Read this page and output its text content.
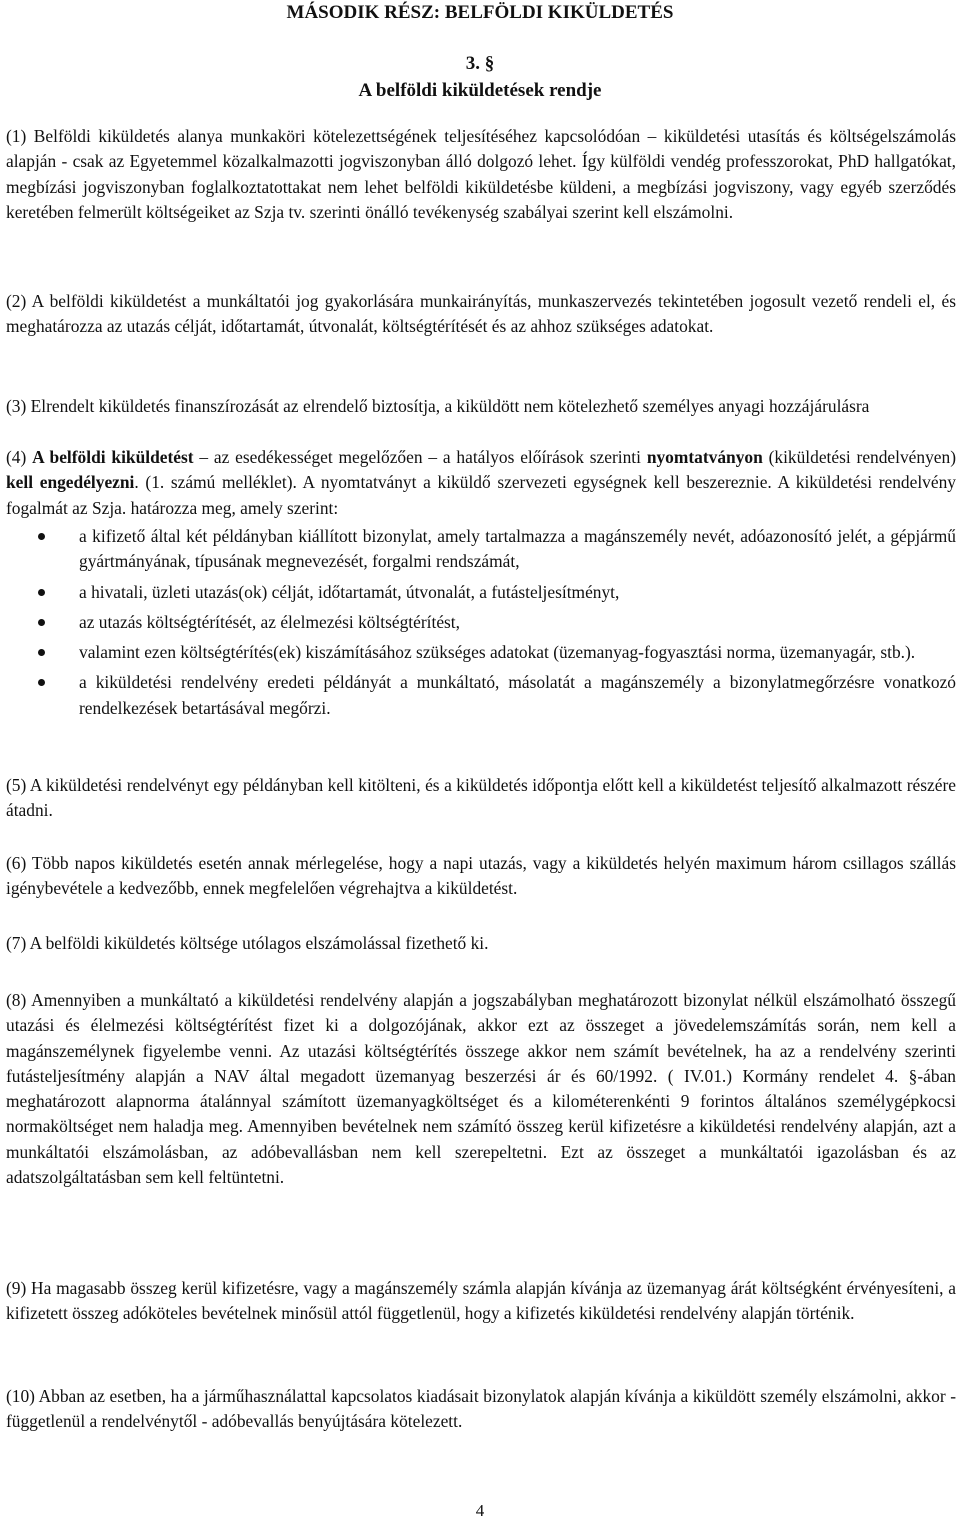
MÁSODIK RÉSZ: BELFÖLDI KIKÜLDETÉS
3. §
A belföldi kiküldetések rendje

(1) Belföldi kiküldetés alanya munkaköri kötelezettségének teljesítéséhez kapcsolódóan – kiküldetési utasítás és költségelszámolás alapján - csak az Egyetemmel közalkalmazotti jogviszonyban álló dolgozó lehet. Így külföldi vendég professzorokat, PhD hallgatókat, megbízási jogviszonyban foglalkoztatottakat nem lehet belföldi kiküldetésbe küldeni, a megbízási jogviszony, vagy egyéb szerződés keretében felmerült költségeiket az Szja tv. szerinti önálló tevékenység szabályai szerint kell elszámolni.

(2) A belföldi kiküldetést a munkáltatói jog gyakorlására munkairányítás, munkaszervezés tekintetében jogosult vezető rendeli el, és meghatározza az utazás célját, időtartamát, útvonalát, költségtérítését és az ahhoz szükséges adatokat.

(3) Elrendelt kiküldetés finanszírozását az elrendelő biztosítja, a kiküldött nem kötelezhető személyes anyagi hozzájárulásra

(4) A belföldi kiküldetést – az esedékességet megelőzően – a hatályos előírások szerinti nyomtatványon (kiküldetési rendelvényen) kell engedélyezni. (1. számú melléklet). A nyomtatványt a kiküldő szervezeti egységnek kell beszereznie. A kiküldetési rendelvény fogalmát az Szja. határozza meg, amely szerint:

a kifizető által két példányban kiállított bizonylat, amely tartalmazza a magánszemély nevét, adóazonosító jelét, a gépjármű gyártmányának, típusának megnevezését, forgalmi rendszámát,
a hivatali, üzleti utazás(ok) célját, időtartamát, útvonalát, a futásteljesítményt,
az utazás költségtérítését, az élelmezési költségtérítést,
valamint ezen költségtérítés(ek) kiszámításához szükséges adatokat (üzemanyag-fogyasztási norma, üzemanyagár, stb.).
a kiküldetési rendelvény eredeti példányát a munkáltató, másolatát a magánszemély a bizonylatmegőrzésre vonatkozó rendelkezések betartásával megőrzi.

(5) A kiküldetési rendelvényt egy példányban kell kitölteni, és a kiküldetés időpontja előtt kell a kiküldetést teljesítő alkalmazott részére átadni.

(6) Több napos kiküldetés esetén annak mérlegelése, hogy a napi utazás, vagy a kiküldetés helyén maximum három csillagos szállás igénybevétele a kedvezőbb, ennek megfelelően végrehajtva a kiküldetést.

(7) A belföldi kiküldetés költsége utólagos elszámolással fizethető ki.

(8) Amennyiben a munkáltató a kiküldetési rendelvény alapján a jogszabályban meghatározott bizonylat nélkül elszámolható összegű utazási és élelmezési költségtérítést fizet ki a dolgozójának, akkor ezt az összeget a jövedelemszámítás során, nem kell a magánszemélynek figyelembe venni. Az utazási költségtérítés összege akkor nem számít bevételnek, ha az a rendelvény szerinti futásteljesítmény alapján a NAV által megadott üzemanyag beszerzési ár és 60/1992. ( IV.01.) Kormány rendelet 4. §-ában meghatározott alapnorma átalánnyal számított üzemanyagköltséget és a kilométerenkénti 9 forintos általános személygépkocsi normaköltséget nem haladja meg. Amennyiben bevételnek nem számító összeg kerül kifizetésre a kiküldetési rendelvény alapján, azt a munkáltatói elszámolásban, az adóbevallásban nem kell szerepeltetni. Ezt az összeget a munkáltatói igazolásban és az adatszolgáltatásban sem kell feltüntetni.

(9) Ha magasabb összeg kerül kifizetésre, vagy a magánszemély számla alapján kívánja az üzemanyag árát költségként érvényesíteni, a kifizetett összeg adóköteles bevételnek minősül attól függetlenül, hogy a kifizetés kiküldetési rendelvény alapján történik.

(10) Abban az esetben, ha a járműhasználattal kapcsolatos kiadásait bizonylatok alapján kívánja a kiküldött személy elszámolni, akkor - függetlenül a rendelvénytől - adóbevallás benyújtására kötelezett.

4
